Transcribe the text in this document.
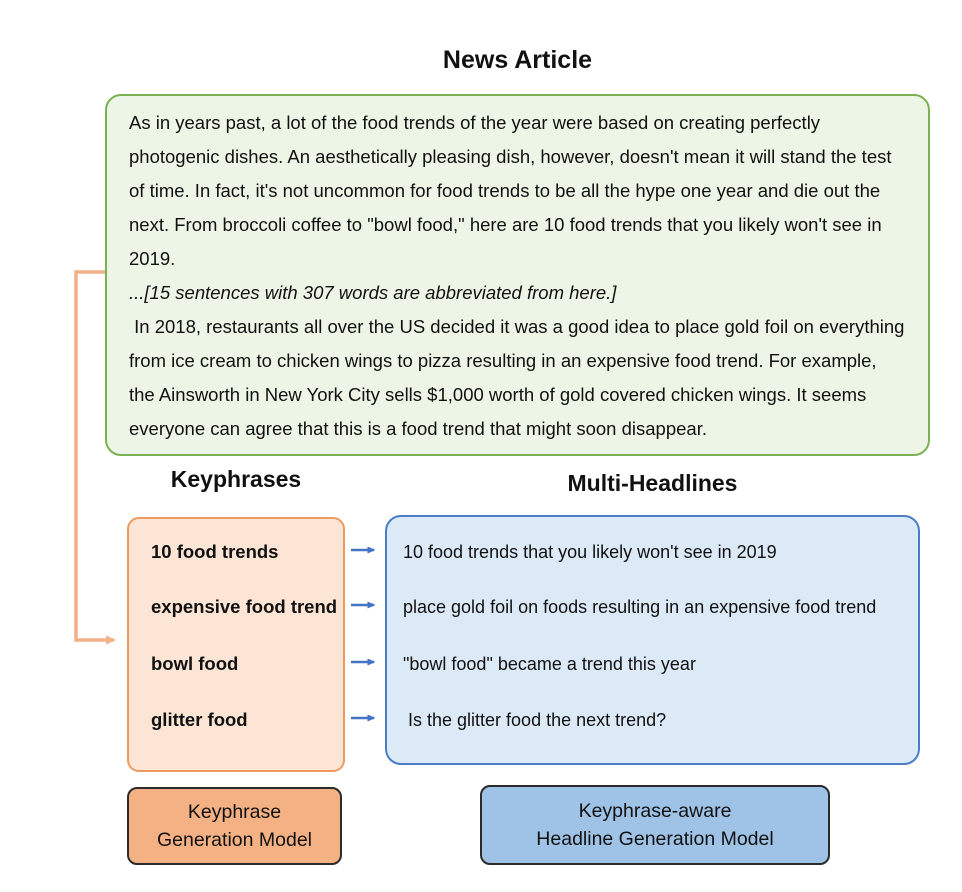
News Article

As in years past, a lot of the food trends of the year were based on creating perfectly photogenic dishes. An aesthetically pleasing dish, however, doesn't mean it will stand the test of time. In fact, it's not uncommon for food trends to be all the hype one year and die out the next. From broccoli coffee to "bowl food," here are 10 food trends that you likely won't see in 2019.

...[15 sentences with 307 words are abbreviated from here.]

In 2018, restaurants all over the US decided it was a good idea to place gold foil on everything from ice cream to chicken wings to pizza resulting in an expensive food trend. For example, the Ainsworth in New York City sells $1,000 worth of gold covered chicken wings. It seems everyone can agree that this is a food trend that might soon disappear.

Keyphrases	Multi-Headlines
10 food trends
expensive food trend
bowl food
glitter food
10 food trends that you likely won't see in 2019
place gold foil on foods resulting in an expensive food trend
"bowl food" became a trend this year
Is the glitter food the next trend?
Keyphrase
Generation Model
Keyphrase-aware
Headline Generation Model
